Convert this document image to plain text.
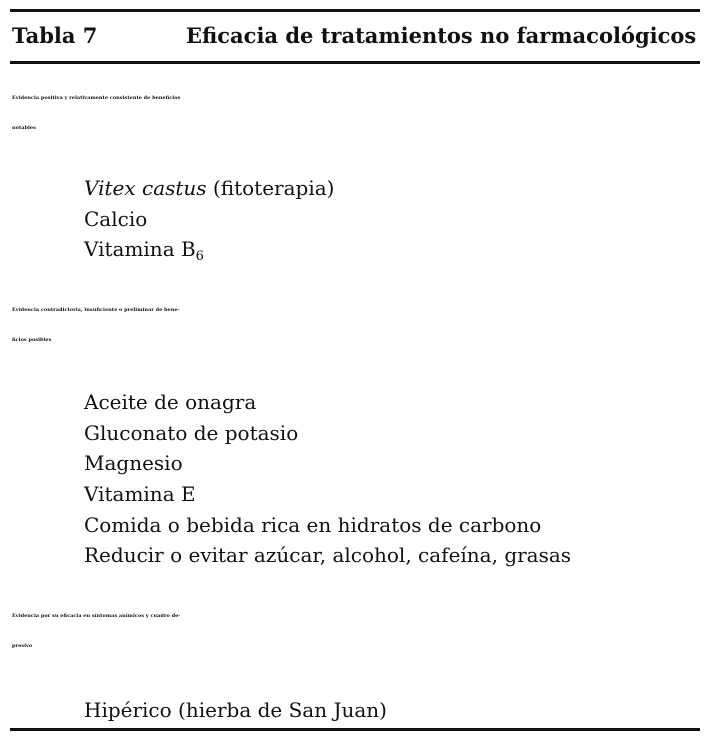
Tabla 7	Eficacia de tratamientos no farmacológicos
Evidencia positiva y relativamente consistente de beneficios
notables
Vitex castus (fitoterapia)
Calcio
Vitamina $B_6$
Evidencia contradictoria, insuficiente o preliminar de bene-
ficios posibles
Aceite de onagra
Gluconato de potasio
Magnesio
Vitamina E
Comida o bebida rica en hidratos de carbono
Reducir o evitar azúcar, alcohol, cafeína, grasas
Evidencia por su eficacia en síntomas anímicos y cuadro de-
presivo
Hipérico (hierba de San Juan)
